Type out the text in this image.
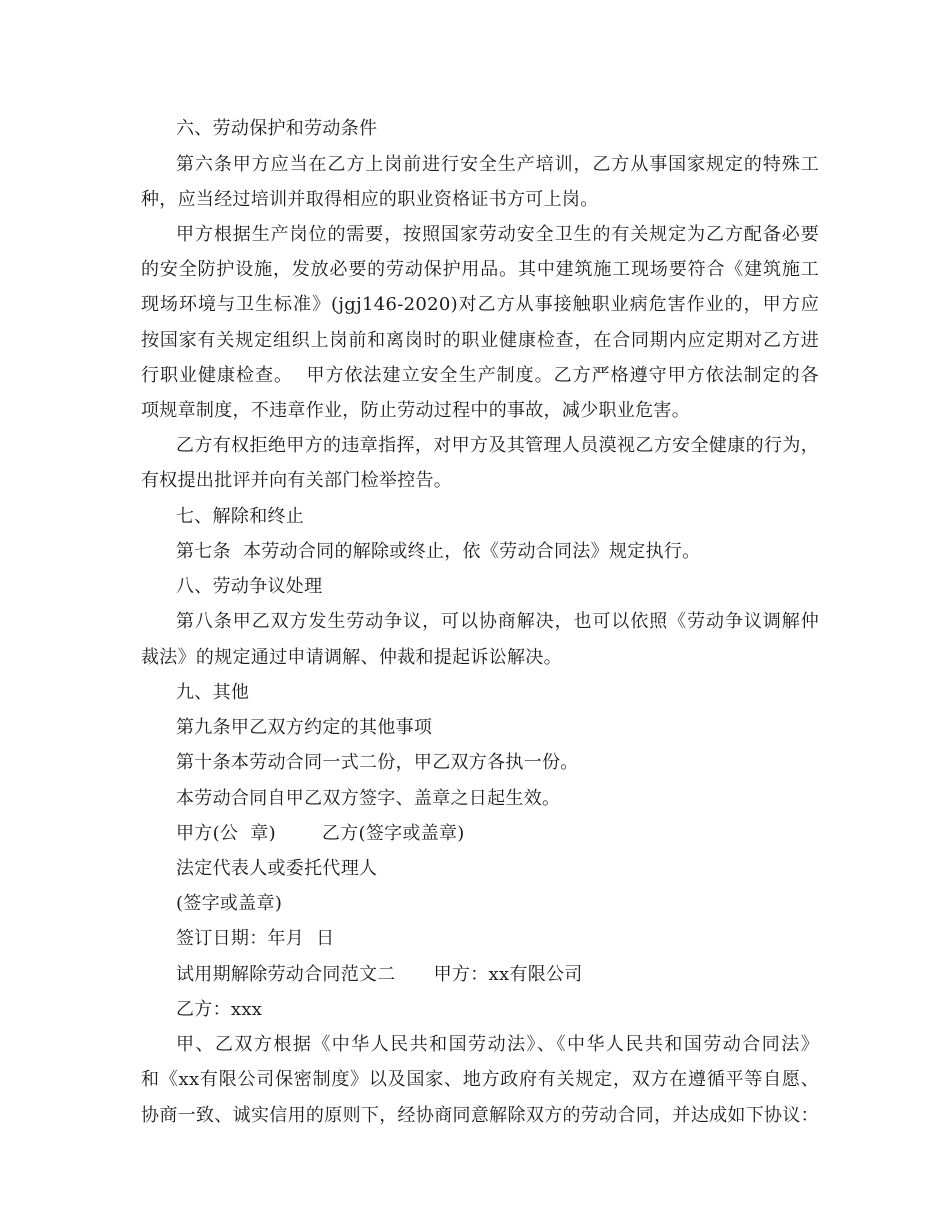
六、劳动保护和劳动条件
第六条甲方应当在乙方上岗前进行安全生产培训，乙方从事国家规定的特殊工
种，应当经过培训并取得相应的职业资格证书方可上岗。
甲方根据生产岗位的需要，按照国家劳动安全卫生的有关规定为乙方配备必要
的安全防护设施，发放必要的劳动保护用品。其中建筑施工现场要符合《建筑施工
现场环境与卫生标准》(jgj146-2020)对乙方从事接触职业病危害作业的，甲方应
按国家有关规定组织上岗前和离岗时的职业健康检查，在合同期内应定期对乙方进
行职业健康检查。  甲方依法建立安全生产制度。乙方严格遵守甲方依法制定的各
项规章制度，不违章作业，防止劳动过程中的事故，减少职业危害。
乙方有权拒绝甲方的违章指挥，对甲方及其管理人员漠视乙方安全健康的行为，
有权提出批评并向有关部门检举控告。
七、解除和终止
第七条  本劳动合同的解除或终止，依《劳动合同法》规定执行。
八、劳动争议处理
第八条甲乙双方发生劳动争议，可以协商解决，也可以依照《劳动争议调解仲
裁法》的规定通过申请调解、仲裁和提起诉讼解决。
九、其他
第九条甲乙双方约定的其他事项
第十条本劳动合同一式二份，甲乙双方各执一份。
本劳动合同自甲乙双方签字、盖章之日起生效。
甲方(公  章)	乙方(签字或盖章)
法定代表人或委托代理人
(签字或盖章)
签订日期：年月  日
试用期解除劳动合同范文二 甲方：xx有限公司
乙方：xxx
甲、乙双方根据《中华人民共和国劳动法》、《中华人民共和国劳动合同法》
和《xx有限公司保密制度》以及国家、地方政府有关规定，双方在遵循平等自愿、
协商一致、诚实信用的原则下，经协商同意解除双方的劳动合同，并达成如下协议：
